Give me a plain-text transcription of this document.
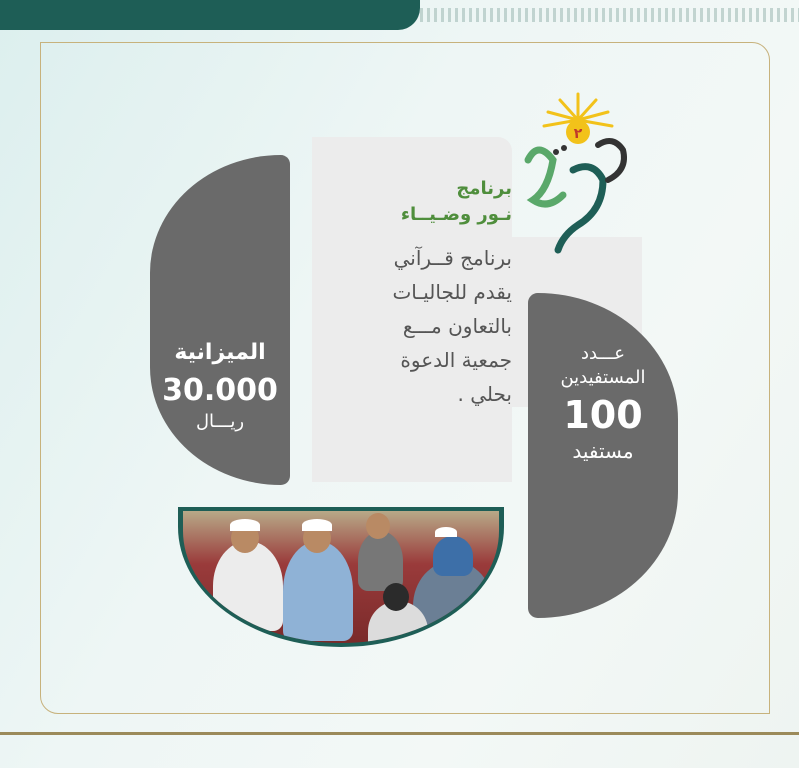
الميزانية
30.000
ريـــال
برنامج
نـور وضـيــاء
برنامج قــرآني
يقدم للجاليـات
بالتعاون مـــع
جمعية الدعوة
بحلي .
٢
عـــدد
المستفيدين
100
مستفيد
